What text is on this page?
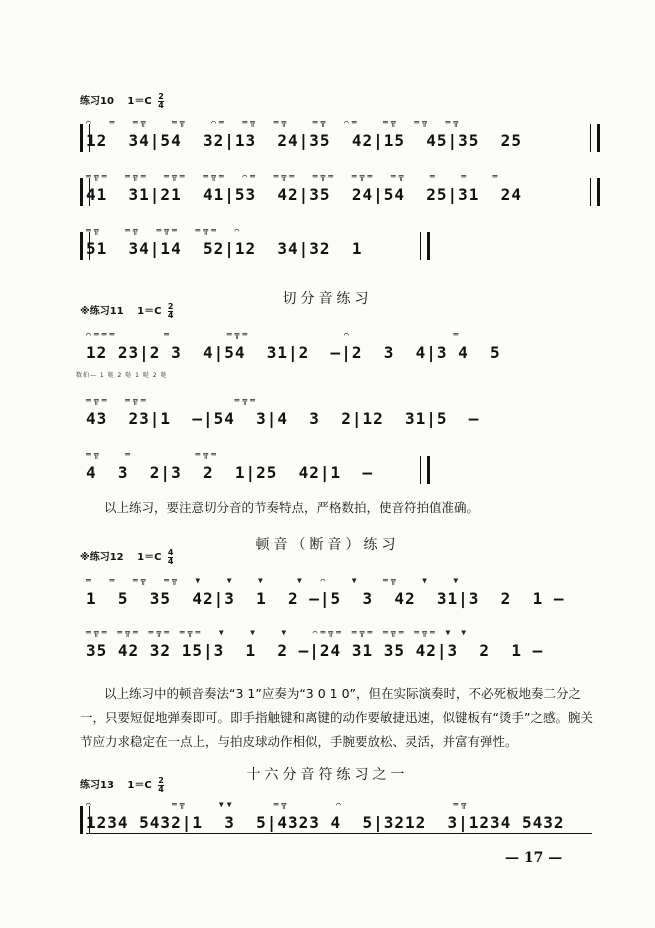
练习10 $1=C \frac{2}{4}$
⌒  ═  ═╦   ═╦   ⌒═  ═╦  ═╦   ═╦  ⌒═   ═╦  ═╦  ═╦
12  34|54  32|13  24|35  42|15  45|35  25
═╦═  ═╦═  ═╦═  ═╦═  ⌒═  ═╦═  ═╦═  ═╦═  ═╦   ═   ═   ═
41  31|21  41|53  42|35  24|54  25|31  24
═╦   ═╦  ═╦═  ═╦═  ⌒
51  34|14  52|12  34|32  1
切分音练习
※练习11 $1=C \frac{2}{4}$
⌒═══      ═       ═╦═            ⌒             ═
12 23|2 3  4|54  31|2  —|2  3  4|3 4  5
数拍— 1 哒 2 哒 1 哒 2 哒
═╦═  ═╦═           ═╦═
43  23|1  —|54  3|4  3  2|12  31|5  —
═╦   ═        ═╦═
4  3  2|3  2  1|25  42|1  —
以上练习，要注意切分音的节奏特点，严格数拍，使音符拍值准确。
顿音（断音）练习
※练习12 $1=C \frac{4}{4}$
═  ═  ═╦  ═╦  ▼   ▼   ▼    ▼  ⌒   ▼   ═╦   ▼   ▼
1  5  35  42|3  1  2 —|5  3  42  31|3  2  1 —
═╦═ ═╦═ ═╦═ ═╦═  ▼   ▼   ▼   ⌒═╦═ ═╦═ ═╦═ ═╦═ ▼ ▼
35 42 32 15|3  1  2 —|24 31 35 42|3  2  1 —
以上练习中的顿音奏法“3 1”应奏为“3 0 1 0”，但在实际演奏时，不必死板地奏二分之一，只要短促地弹奏即可。即手指触键和离键的动作要敏捷迅速，似键板有“烫手”之感。腕关节应力求稳定在一点上，与拍皮球动作相似，手腕要放松、灵活，并富有弹性。
十六分音符练习之一
练习13 $1=C \frac{2}{4}$
⌒          ═╦    ▼▼     ═╦      ⌒              ═╦
1234 5432|1  3  5|4323 4  5|3212  3|1234 5432
— 17 —
